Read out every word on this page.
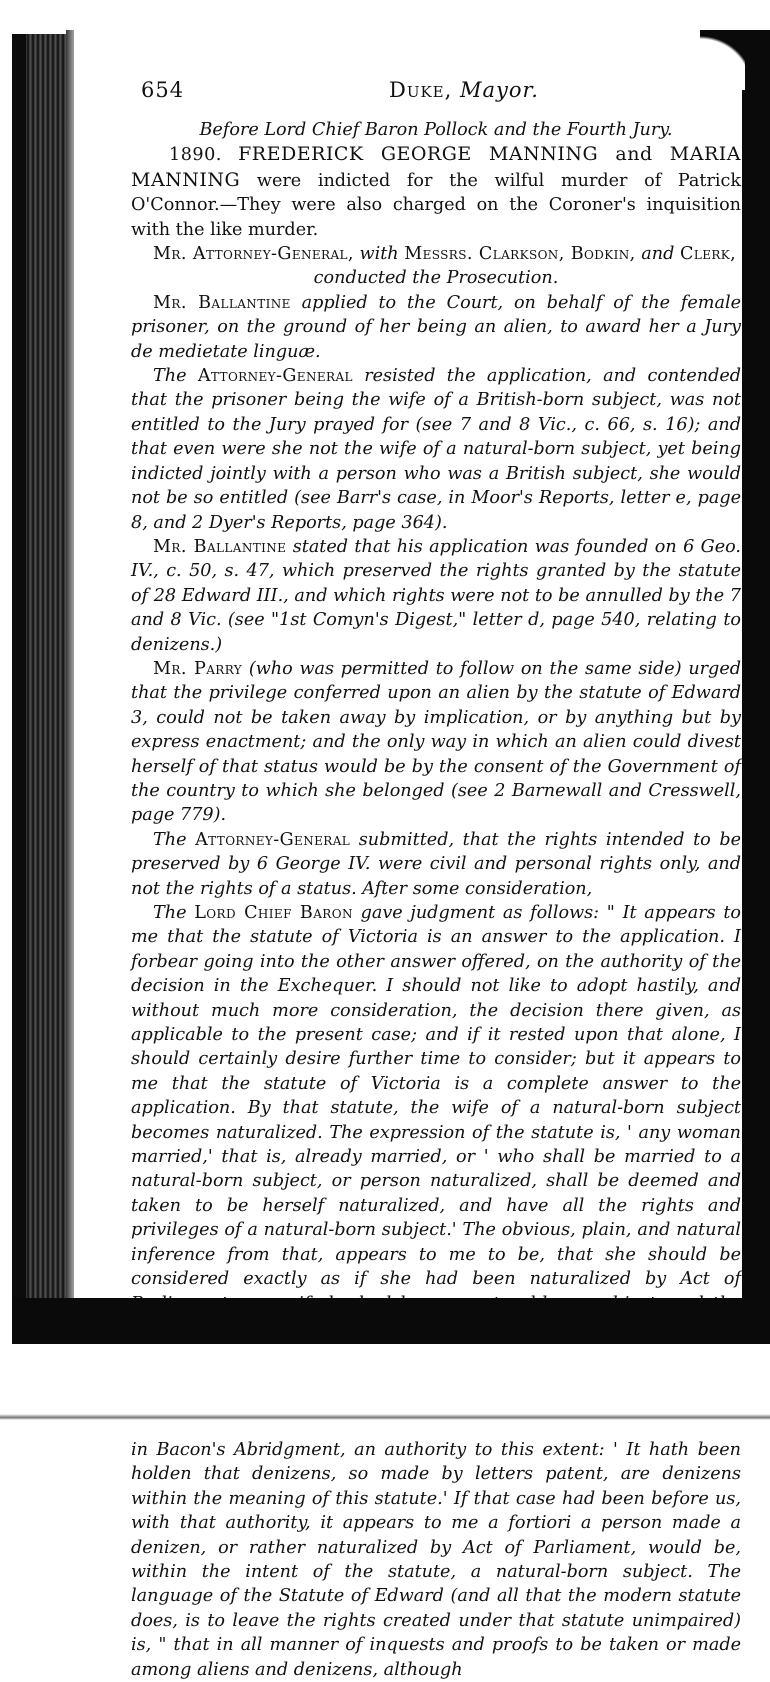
654	Duke, Mayor.

Before Lord Chief Baron Pollock and the Fourth Jury.

1890. FREDERICK GEORGE MANNING and MARIA MANNING were indicted for the wilful murder of Patrick O'Connor.—They were also charged on the Coroner's inquisition with the like murder.

Mr. Attorney-General, with Messrs. Clarkson, Bodkin, and Clerk,

conducted the Prosecution.

Mr. Ballantine applied to the Court, on behalf of the female prisoner, on the ground of her being an alien, to award her a Jury de medietate linguæ.

The Attorney-General resisted the application, and contended that the prisoner being the wife of a British-born subject, was not entitled to the Jury prayed for (see 7 and 8 Vic., c. 66, s. 16); and that even were she not the wife of a natural-born subject, yet being indicted jointly with a person who was a British subject, she would not be so entitled (see Barr's case, in Moor's Reports, letter e, page 8, and 2 Dyer's Reports, page 364).

Mr. Ballantine stated that his application was founded on 6 Geo. IV., c. 50, s. 47, which preserved the rights granted by the statute of 28 Edward III., and which rights were not to be annulled by the 7 and 8 Vic. (see "1st Comyn's Digest," letter d, page 540, relating to denizens.)

Mr. Parry (who was permitted to follow on the same side) urged that the privilege conferred upon an alien by the statute of Edward 3, could not be taken away by implication, or by anything but by express enactment; and the only way in which an alien could divest herself of that status would be by the consent of the Government of the country to which she belonged (see 2 Barnewall and Cresswell, page 779).

The Attorney-General submitted, that the rights intended to be preserved by 6 George IV. were civil and personal rights only, and not the rights of a status. After some consideration,

The Lord Chief Baron gave judgment as follows: " It appears to me that the statute of Victoria is an answer to the application. I forbear going into the other answer offered, on the authority of the decision in the Exchequer. I should not like to adopt hastily, and without much more consideration, the decision there given, as applicable to the present case; and if it rested upon that alone, I should certainly desire further time to consider; but it appears to me that the statute of Victoria is a complete answer to the application. By that statute, the wife of a natural-born subject becomes naturalized. The expression of the statute is, ' any woman married,' that is, already married, or ' who shall be married to a natural-born subject, or person naturalized, shall be deemed and taken to be herself naturalized, and have all the rights and privileges of a natural-born subject.' The obvious, plain, and natural inference from that, appears to me to be, that she should be considered exactly as if she had been naturalized by Act of in Bacon's Abridgment, an authority to this extent: ' It hath been holden that denizens, so made by letters patent, are denizens within the meaning of this statute.' If that case had been before us, with that authority, it appears to me a fortiori a person made a denizen, or rather naturalized by Act of Parliament, would be, within the intent of the statute, a natural-born subject. The language of the Statute of Edward (and all that the modern statute does, is to leave the rights created under that statute unimpaired) is, " that in all manner of inquests and proofs to be taken or made among aliens and denizens, although
